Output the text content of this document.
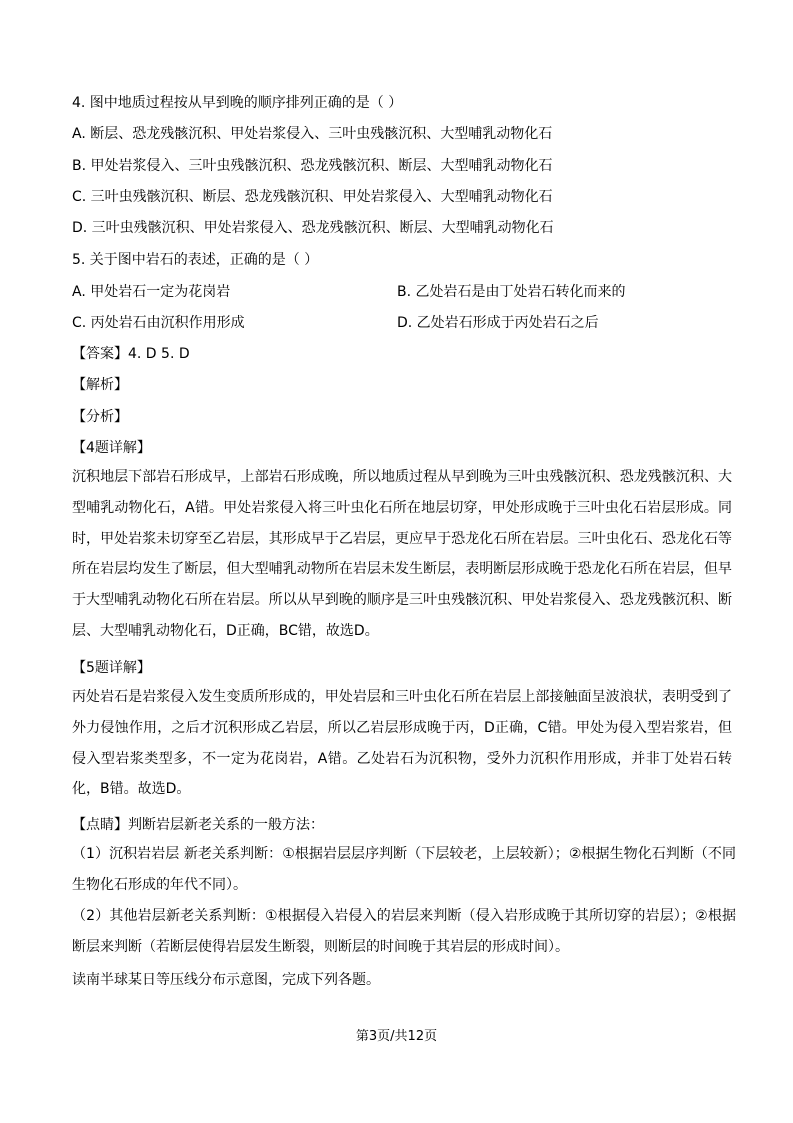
4. 图中地质过程按从早到晚的顺序排列正确的是（ ）
A. 断层、恐龙残骸沉积、甲处岩浆侵入、三叶虫残骸沉积、大型哺乳动物化石
B. 甲处岩浆侵入、三叶虫残骸沉积、恐龙残骸沉积、断层、大型哺乳动物化石
C. 三叶虫残骸沉积、断层、恐龙残骸沉积、甲处岩浆侵入、大型哺乳动物化石
D. 三叶虫残骸沉积、甲处岩浆侵入、恐龙残骸沉积、断层、大型哺乳动物化石
5. 关于图中岩石的表述，正确的是（ ）
A. 甲处岩石一定为花岗岩	B. 乙处岩石是由丁处岩石转化而来的
C. 丙处岩石由沉积作用形成	D. 乙处岩石形成于丙处岩石之后
【答案】4. D 5. D
【解析】
【分析】
【4题详解】
沉积地层下部岩石形成早，上部岩石形成晚，所以地质过程从早到晚为三叶虫残骸沉积、恐龙残骸沉积、大型哺乳动物化石，A错。甲处岩浆侵入将三叶虫化石所在地层切穿，甲处形成晚于三叶虫化石岩层形成。同时，甲处岩浆未切穿至乙岩层，其形成早于乙岩层，更应早于恐龙化石所在岩层。三叶虫化石、恐龙化石等所在岩层均发生了断层，但大型哺乳动物所在岩层未发生断层，表明断层形成晚于恐龙化石所在岩层，但早于大型哺乳动物化石所在岩层。所以从早到晚的顺序是三叶虫残骸沉积、甲处岩浆侵入、恐龙残骸沉积、断层、大型哺乳动物化石，D正确，BC错，故选D。
【5题详解】
丙处岩石是岩浆侵入发生变质所形成的，甲处岩层和三叶虫化石所在岩层上部接触面呈波浪状，表明受到了外力侵蚀作用，之后才沉积形成乙岩层，所以乙岩层形成晚于丙，D正确，C错。甲处为侵入型岩浆岩，但侵入型岩浆类型多，不一定为花岗岩，A错。乙处岩石为沉积物，受外力沉积作用形成，并非丁处岩石转化，B错。故选D。
【点睛】判断岩层新老关系的一般方法：
（1）沉积岩岩层 新老关系判断：①根据岩层层序判断（下层较老，上层较新）；②根据生物化石判断（不同生物化石形成的年代不同）。
（2）其他岩层新老关系判断：①根据侵入岩侵入的岩层来判断（侵入岩形成晚于其所切穿的岩层）；②根据断层来判断（若断层使得岩层发生断裂，则断层的时间晚于其岩层的形成时间）。
读南半球某日等压线分布示意图，完成下列各题。
第3页/共12页
